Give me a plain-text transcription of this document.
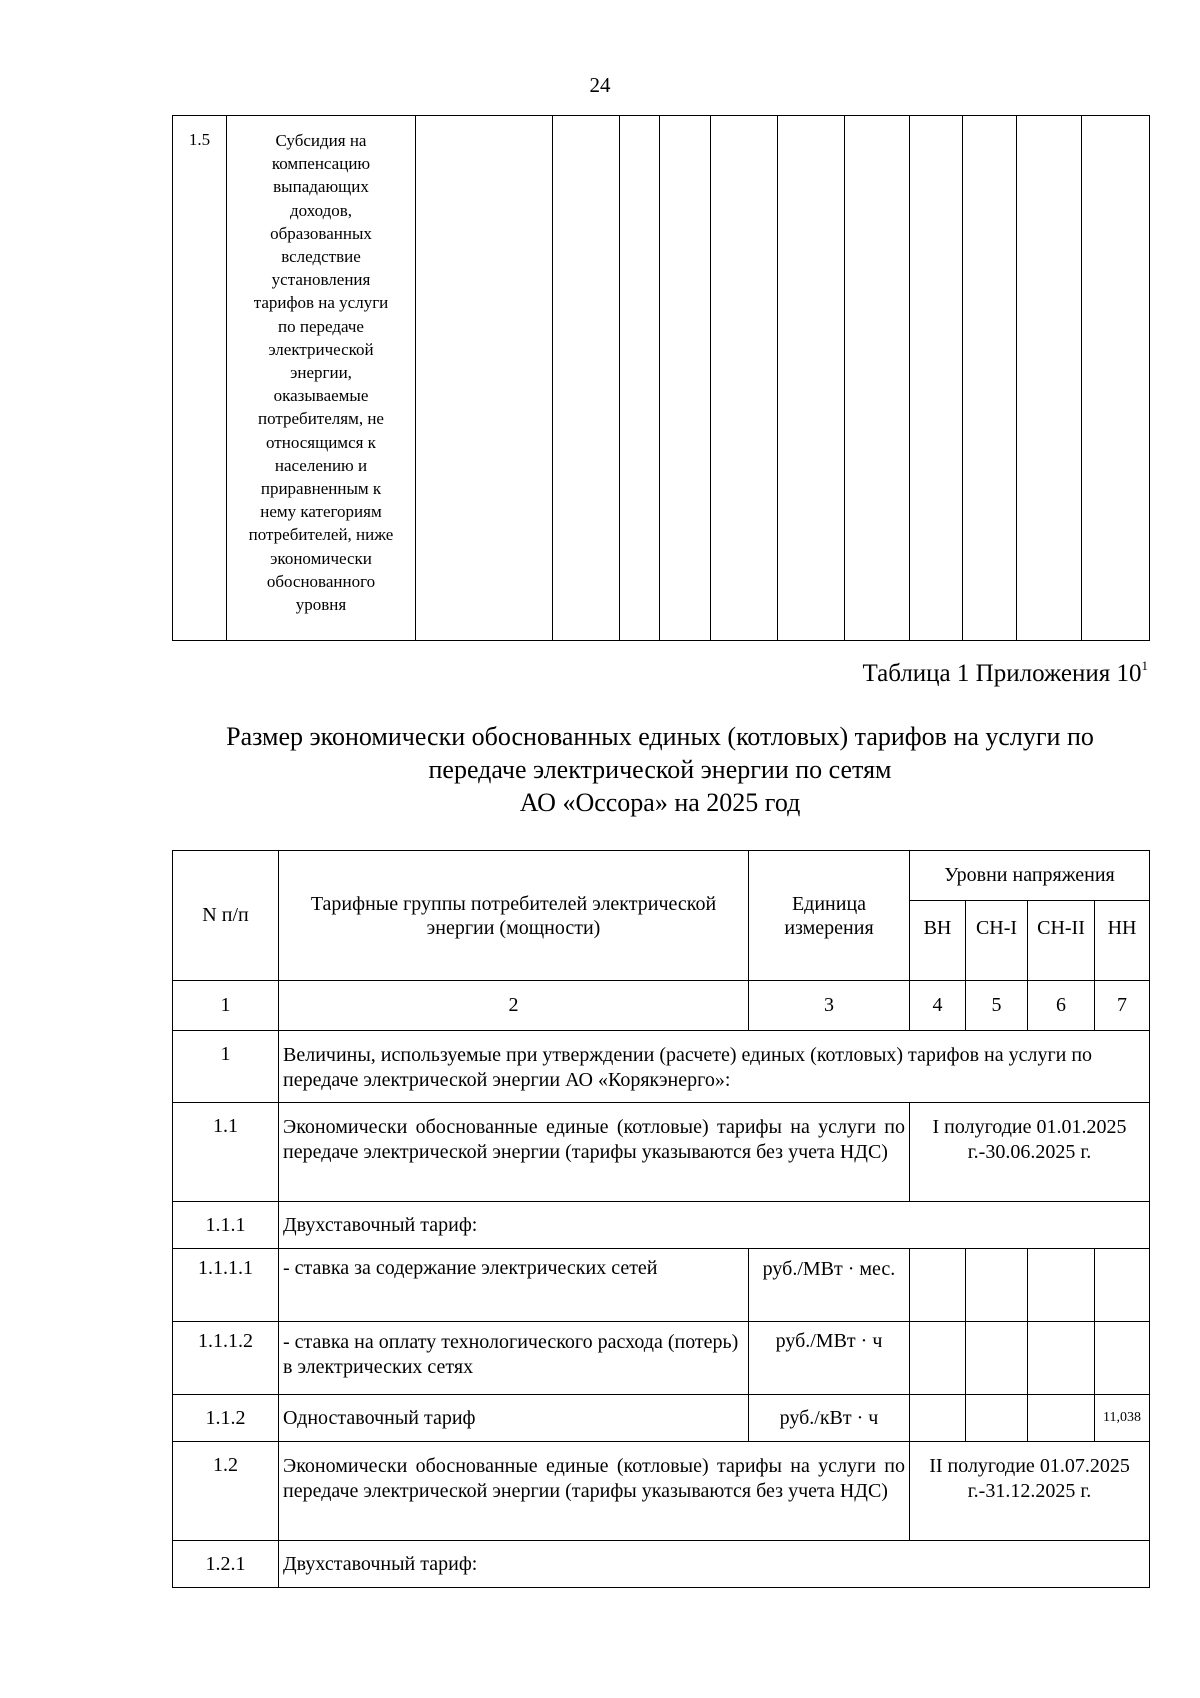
24
1.5	Субсидия на
компенсацию
выпадающих
доходов,
образованных
вследствие
установления
тарифов на услуги
по передаче
электрической
энергии,
оказываемые
потребителям, не
относящимся к
населению и
приравненным к
нему категориям
потребителей, ниже
экономически
обоснованного
уровня

Таблица 1 Приложения $10^1$
Размер экономически обоснованных единых (котловых) тарифов на услуги по
передаче электрической энергии по сетям
АО «Оссора» на 2025 год
N п/п	Тарифные группы потребителей электрической энергии (мощности)	Единица измерения	Уровни напряжения			
			ВН	СН-I	СН-II	НН
1	2	3	4	5	6	7
1	Величины, используемые при утверждении (расчете) единых (котловых) тарифов на услуги по передаче электрической энергии АО «Корякэнерго»:					
1.1	Экономически обоснованные единые (котловые) тарифы на услуги по передаче электрической энергии (тарифы указываются без учета НДС)		I полугодие 01.01.2025 г.-30.06.2025 г.			
1.1.1	Двухставочный тариф:					
1.1.1.1	- ставка за содержание электрических сетей	руб./МВт · мес.				
1.1.1.2	- ставка на оплату технологического расхода (потерь) в электрических сетях	руб./МВт · ч				
1.1.2	Одноставочный тариф	руб./кВт · ч				11,038
1.2	Экономически обоснованные единые (котловые) тарифы на услуги по передаче электрической энергии (тарифы указываются без учета НДС)		II полугодие 01.07.2025 г.-31.12.2025 г.			
1.2.1	Двухставочный тариф:					
